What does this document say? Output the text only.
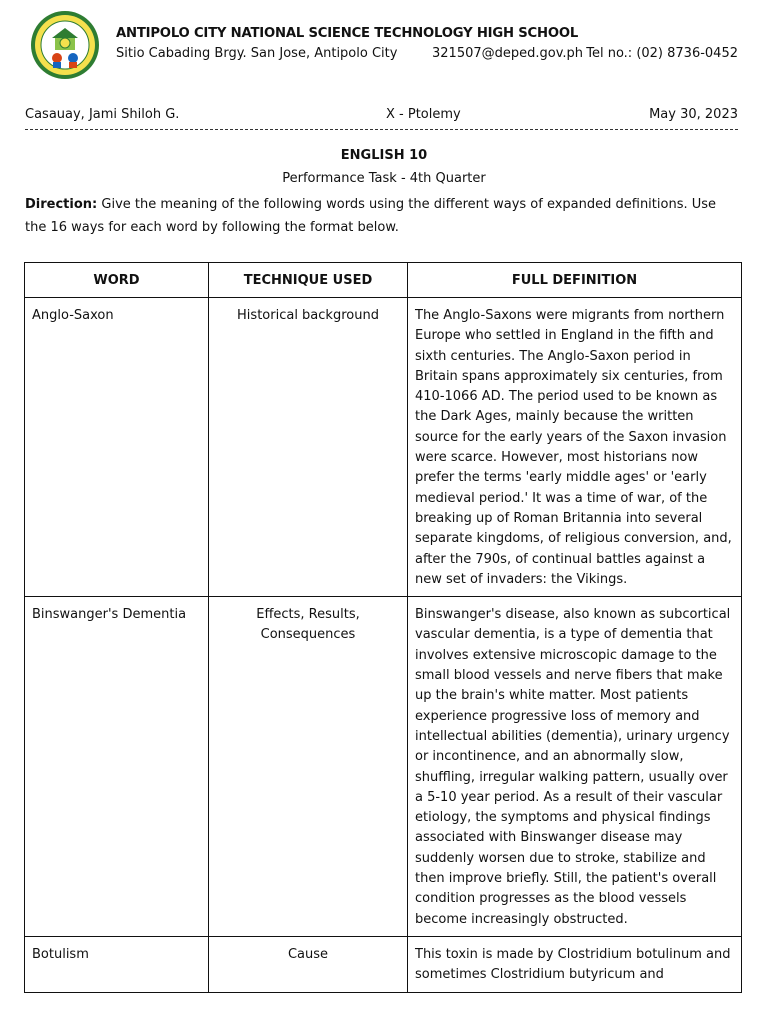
ANTIPOLO CITY NATIONAL SCIENCE TECHNOLOGY HIGH SCHOOL
Sitio Cabading Brgy. San Jose, Antipolo City	321507@deped.gov.ph Tel no.: (02) 8736-0452
Casauay, Jami Shiloh G.	X - Ptolemy	May 30, 2023
ENGLISH 10
Performance Task - 4th Quarter
Direction: Give the meaning of the following words using the different ways of expanded definitions. Use the 16 ways for each word by following the format below.
WORD	TECHNIQUE USED	FULL DEFINITION
Anglo-Saxon	Historical background	The Anglo-Saxons were migrants from northern Europe who settled in England in the fifth and sixth centuries. The Anglo-Saxon period in Britain spans approximately six centuries, from 410-1066 AD. The period used to be known as the Dark Ages, mainly because the written source for the early years of the Saxon invasion were scarce. However, most historians now prefer the terms 'early middle ages' or 'early medieval period.' It was a time of war, of the breaking up of Roman Britannia into several separate kingdoms, of religious conversion, and, after the 790s, of continual battles against a new set of invaders: the Vikings.
Binswanger's Dementia	Effects, Results, Consequences	Binswanger's disease, also known as subcortical vascular dementia, is a type of dementia that involves extensive microscopic damage to the small blood vessels and nerve fibers that make up the brain's white matter. Most patients experience progressive loss of memory and intellectual abilities (dementia), urinary urgency or incontinence, and an abnormally slow, shuffling, irregular walking pattern, usually over a 5-10 year period. As a result of their vascular etiology, the symptoms and physical findings associated with Binswanger disease may suddenly worsen due to stroke, stabilize and then improve briefly. Still, the patient's overall condition progresses as the blood vessels become increasingly obstructed.
Botulism	Cause	This toxin is made by Clostridium botulinum and sometimes Clostridium butyricum and
